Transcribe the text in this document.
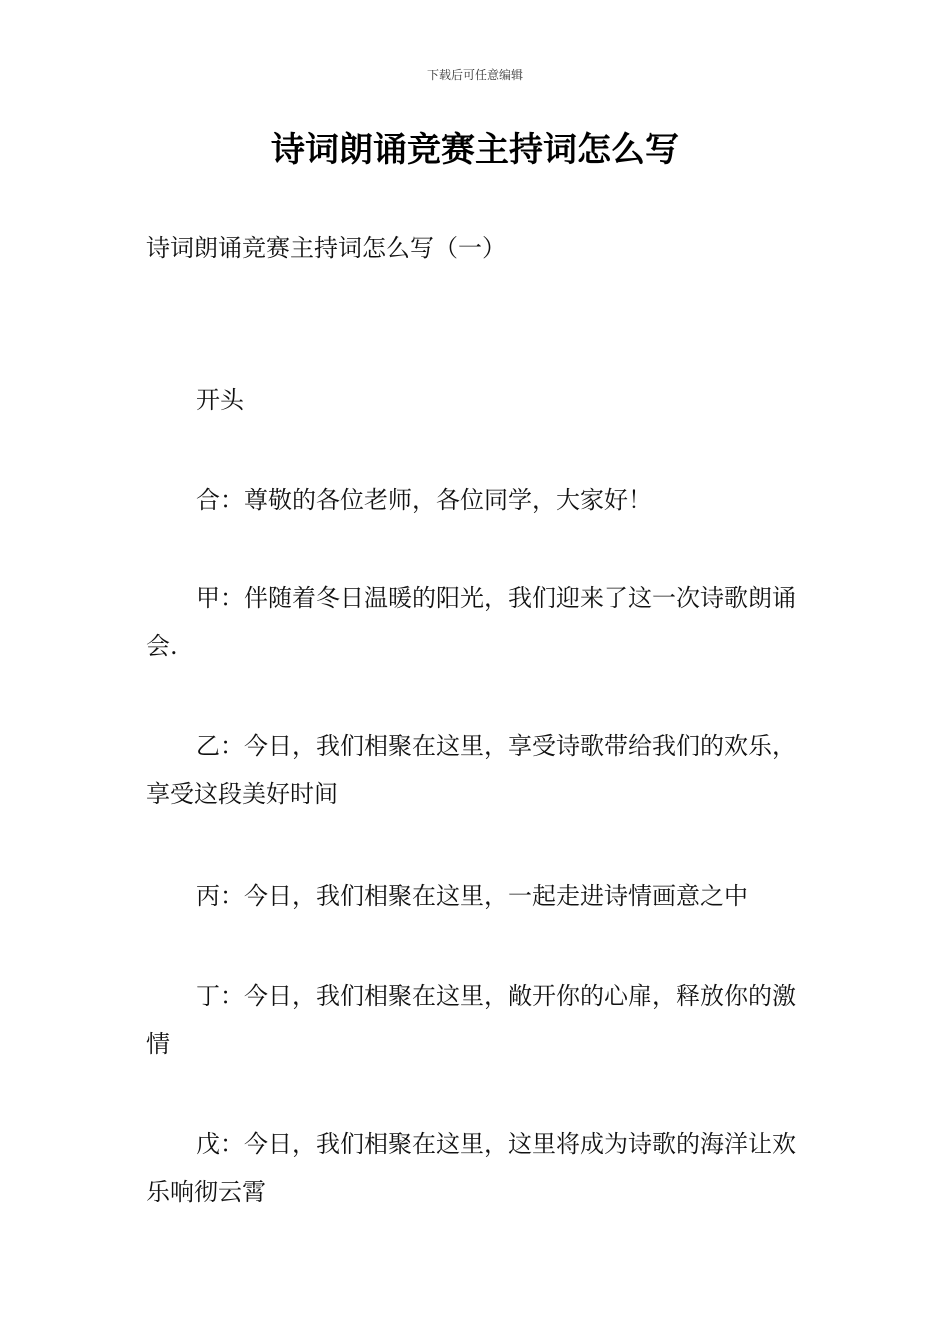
下载后可任意编辑
诗词朗诵竞赛主持词怎么写

诗词朗诵竞赛主持词怎么写（一）

开头

合：尊敬的各位老师，各位同学，大家好！

甲：伴随着冬日温暖的阳光，我们迎来了这一次诗歌朗诵会.

乙：今日，我们相聚在这里，享受诗歌带给我们的欢乐，享受这段美好时间

丙：今日，我们相聚在这里，一起走进诗情画意之中

丁：今日，我们相聚在这里，敞开你的心扉，释放你的激情

戊：今日，我们相聚在这里，这里将成为诗歌的海洋让欢乐响彻云霄
